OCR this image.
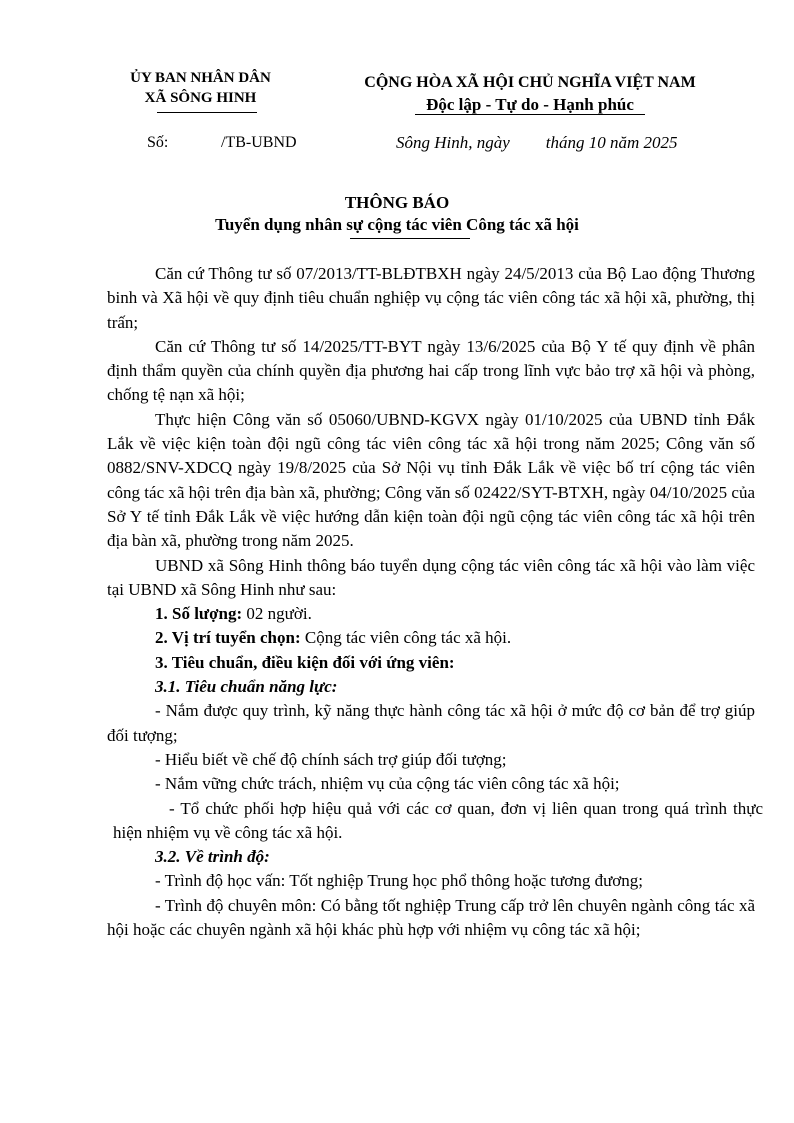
ỦY BAN NHÂN DÂN
XÃ SÔNG HINH
CỘNG HÒA XÃ HỘI CHỦ NGHĨA VIỆT NAM
Độc lập - Tự do - Hạnh phúc
Số:	/TB-UBND	Sông Hinh, ngày tháng 10 năm 2025
THÔNG BÁO
Tuyển dụng nhân sự cộng tác viên Công tác xã hội

Căn cứ Thông tư số 07/2013/TT-BLĐTBXH ngày 24/5/2013 của Bộ Lao động Thương binh và Xã hội về quy định tiêu chuẩn nghiệp vụ cộng tác viên công tác xã hội xã, phường, thị trấn;

Căn cứ Thông tư số 14/2025/TT-BYT ngày 13/6/2025 của Bộ Y tế quy định về phân định thẩm quyền của chính quyền địa phương hai cấp trong lĩnh vực bảo trợ xã hội và phòng, chống tệ nạn xã hội;

Thực hiện Công văn số 05060/UBND-KGVX ngày 01/10/2025 của UBND tỉnh Đắk Lắk về việc kiện toàn đội ngũ công tác viên công tác xã hội trong năm 2025; Công văn số 0882/SNV-XDCQ ngày 19/8/2025 của Sở Nội vụ tỉnh Đắk Lắk về việc bố trí cộng tác viên công tác xã hội trên địa bàn xã, phường; Công văn số 02422/SYT-BTXH, ngày 04/10/2025 của Sở Y tế tỉnh Đắk Lắk về việc hướng dẫn kiện toàn đội ngũ cộng tác viên công tác xã hội trên địa bàn xã, phường trong năm 2025.

UBND xã Sông Hinh thông báo tuyển dụng cộng tác viên công tác xã hội vào làm việc tại UBND xã Sông Hinh như sau:

1. Số lượng: 02 người.

2. Vị trí tuyển chọn: Cộng tác viên công tác xã hội.

3. Tiêu chuẩn, điều kiện đối với ứng viên:

3.1. Tiêu chuẩn năng lực:

- Nắm được quy trình, kỹ năng thực hành công tác xã hội ở mức độ cơ bản để trợ giúp đối tượng;

- Hiểu biết về chế độ chính sách trợ giúp đối tượng;

- Nắm vững chức trách, nhiệm vụ của cộng tác viên công tác xã hội;

- Tổ chức phối hợp hiệu quả với các cơ quan, đơn vị liên quan trong quá trình thực hiện nhiệm vụ về công tác xã hội.

3.2. Về trình độ:

- Trình độ học vấn: Tốt nghiệp Trung học phổ thông hoặc tương đương;

- Trình độ chuyên môn: Có bằng tốt nghiệp Trung cấp trở lên chuyên ngành công tác xã hội hoặc các chuyên ngành xã hội khác phù hợp với nhiệm vụ công tác xã hội;
